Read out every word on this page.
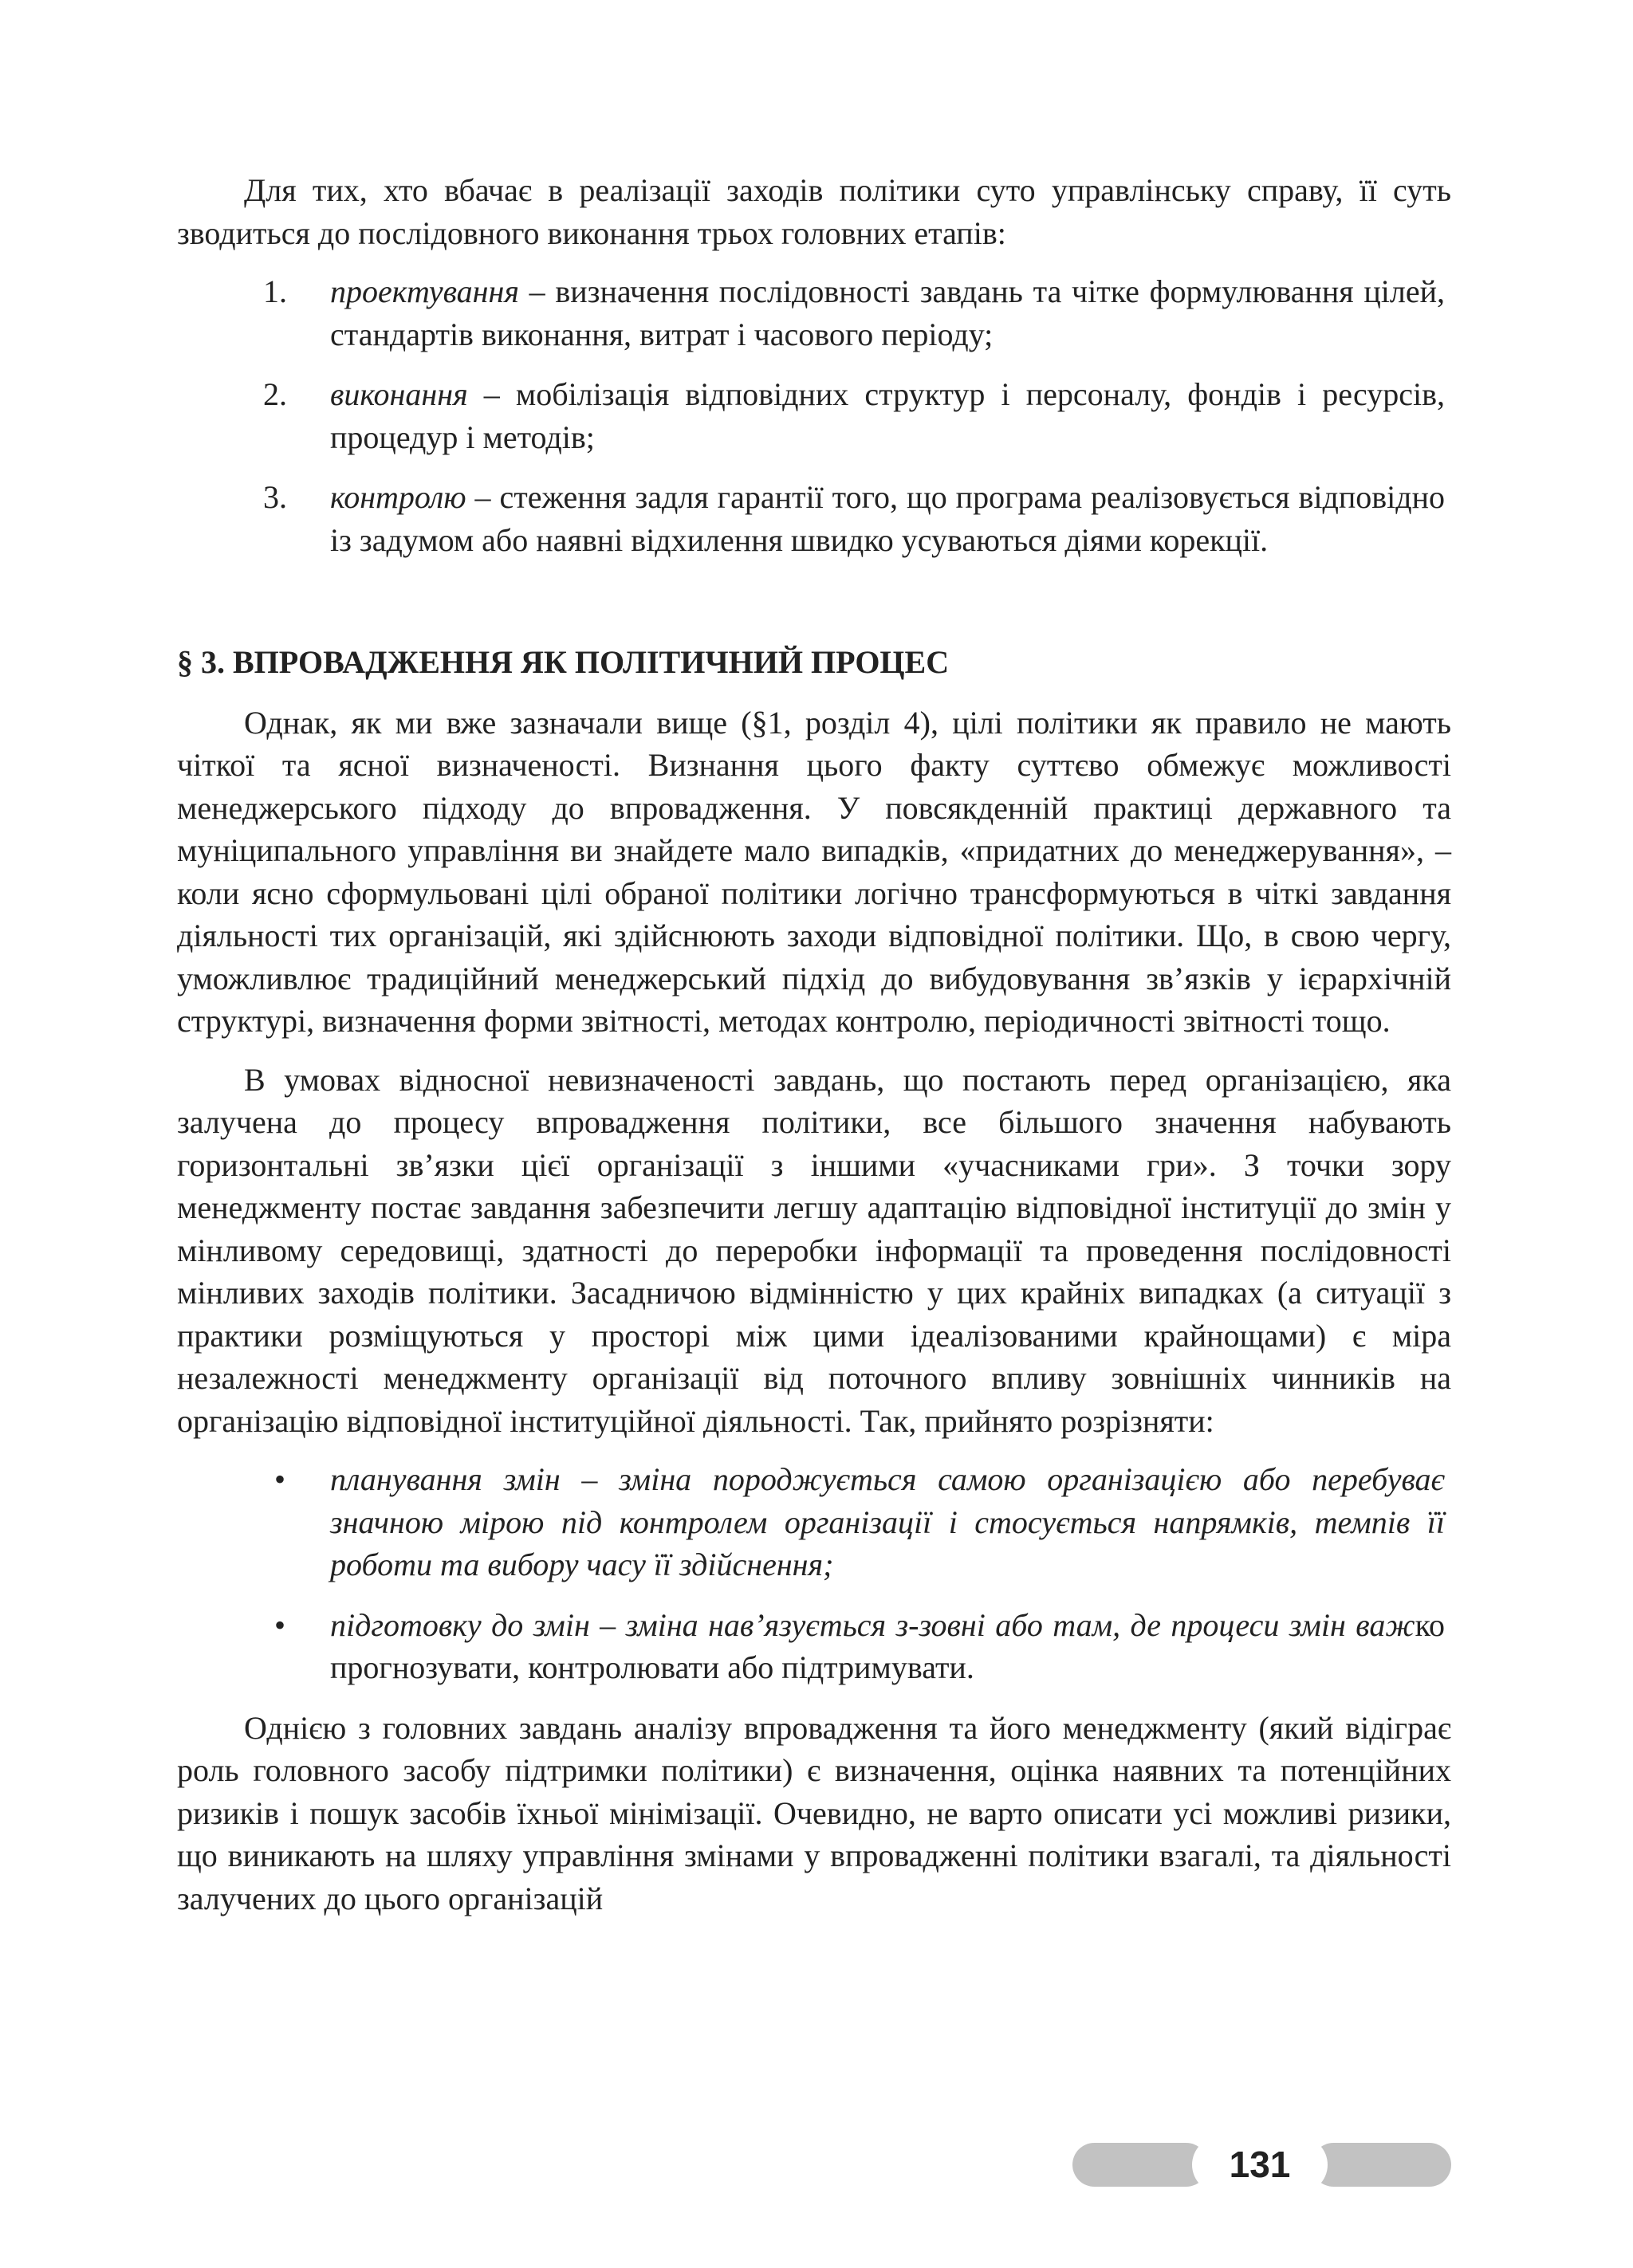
Для тих, хто вбачає в реалізації заходів політики суто управлінську справу, її суть зводиться до послідовного виконання трьох головних етапів:

1. проектування – визначення послідовності завдань та чітке формулювання цілей, стандартів виконання, витрат і часового періоду;
2. виконання – мобілізація відповідних структур і персоналу, фондів і ресурсів, процедур і методів;
3. контролю – стеження задля гарантії того, що програма реалізовується відповідно із задумом або наявні відхилення швидко усуваються діями корекції.
§ 3. ВПРОВАДЖЕННЯ ЯК ПОЛІТИЧНИЙ ПРОЦЕС

Однак, як ми вже зазначали вище (§1, розділ 4), цілі політики як правило не мають чіткої та ясної визначеності. Визнання цього факту суттєво обмежує можливості менеджерського підходу до впровадження. У повсякденній практиці державного та муніципального управління ви знайдете мало випадків, «придатних до менеджерування», – коли ясно сформульовані цілі обраної політики логічно трансформуються в чіткі завдання діяльності тих організацій, які здійснюють заходи відповідної політики. Що, в свою чергу, уможливлює традиційний менеджерський підхід до вибудовування зв’язків у ієрархічній структурі, визначення форми звітності, методах контролю, періодичності звітності тощо.

В умовах відносної невизначеності завдань, що постають перед організацією, яка залучена до процесу впровадження політики, все більшого значення набувають горизонтальні зв’язки цієї організації з іншими «учасниками гри». З точки зору менеджменту постає завдання забезпечити легшу адаптацію відповідної інституції до змін у мінливому середовищі, здатності до переробки інформації та проведення послідовності мінливих заходів політики. Засадничою відмінністю у цих крайніх випадках (а ситуації з практики розміщуються у просторі між цими ідеалізованими крайнощами) є міра незалежності менеджменту організації від поточного впливу зовнішніх чинників на організацію відповідної інституційної діяльності. Так, прийнято розрізняти:

• планування змін – зміна породжується самою організацією або перебуває значною мірою під контролем організації і стосується напрямків, темпів її роботи та вибору часу її здійснення;
• підготовку до змін – зміна нав’язується з-зовні або там, де процеси змін важко прогнозувати, контролювати або підтримувати.

Однією з головних завдань аналізу впровадження та його менеджменту (який відіграє роль головного засобу підтримки політики) є визначення, оцінка наявних та потенційних ризиків і пошук засобів їхньої мінімізації. Очевидно, не варто описати усі можливі ризики, що виникають на шляху управління змінами у впровадженні політики взагалі, та діяльності залучених до цього організацій

131
